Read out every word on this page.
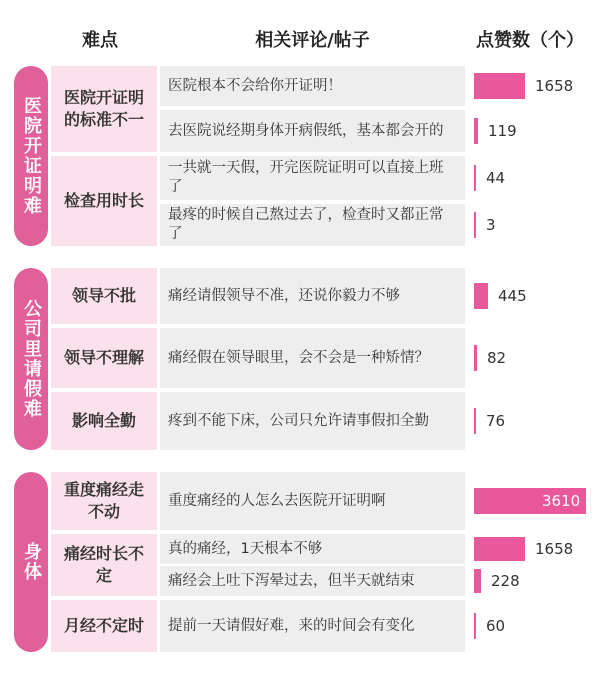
难点	相关评论/帖子	点赞数（个）
医院开证明难
公司里请假难
身体
医院开证明的标准不一
检查用时长
领导不批
领导不理解
影响全勤
重度痛经走不动
痛经时长不定
月经不定时
医院根本不会给你开证明！
去医院说经期身体开病假纸，基本都会开的
一共就一天假，开完医院证明可以直接上班了
最疼的时候自己熬过去了，检查时又都正常了
痛经请假领导不准，还说你毅力不够
痛经假在领导眼里，会不会是一种矫情？
疼到不能下床，公司只允许请事假扣全勤
重度痛经的人怎么去医院开证明啊
真的痛经，1天根本不够
痛经会上吐下泻晕过去，但半天就结束
提前一天请假好难，来的时间会有变化
1658
119
44
3
445
82
76
3610
1658
228
60
